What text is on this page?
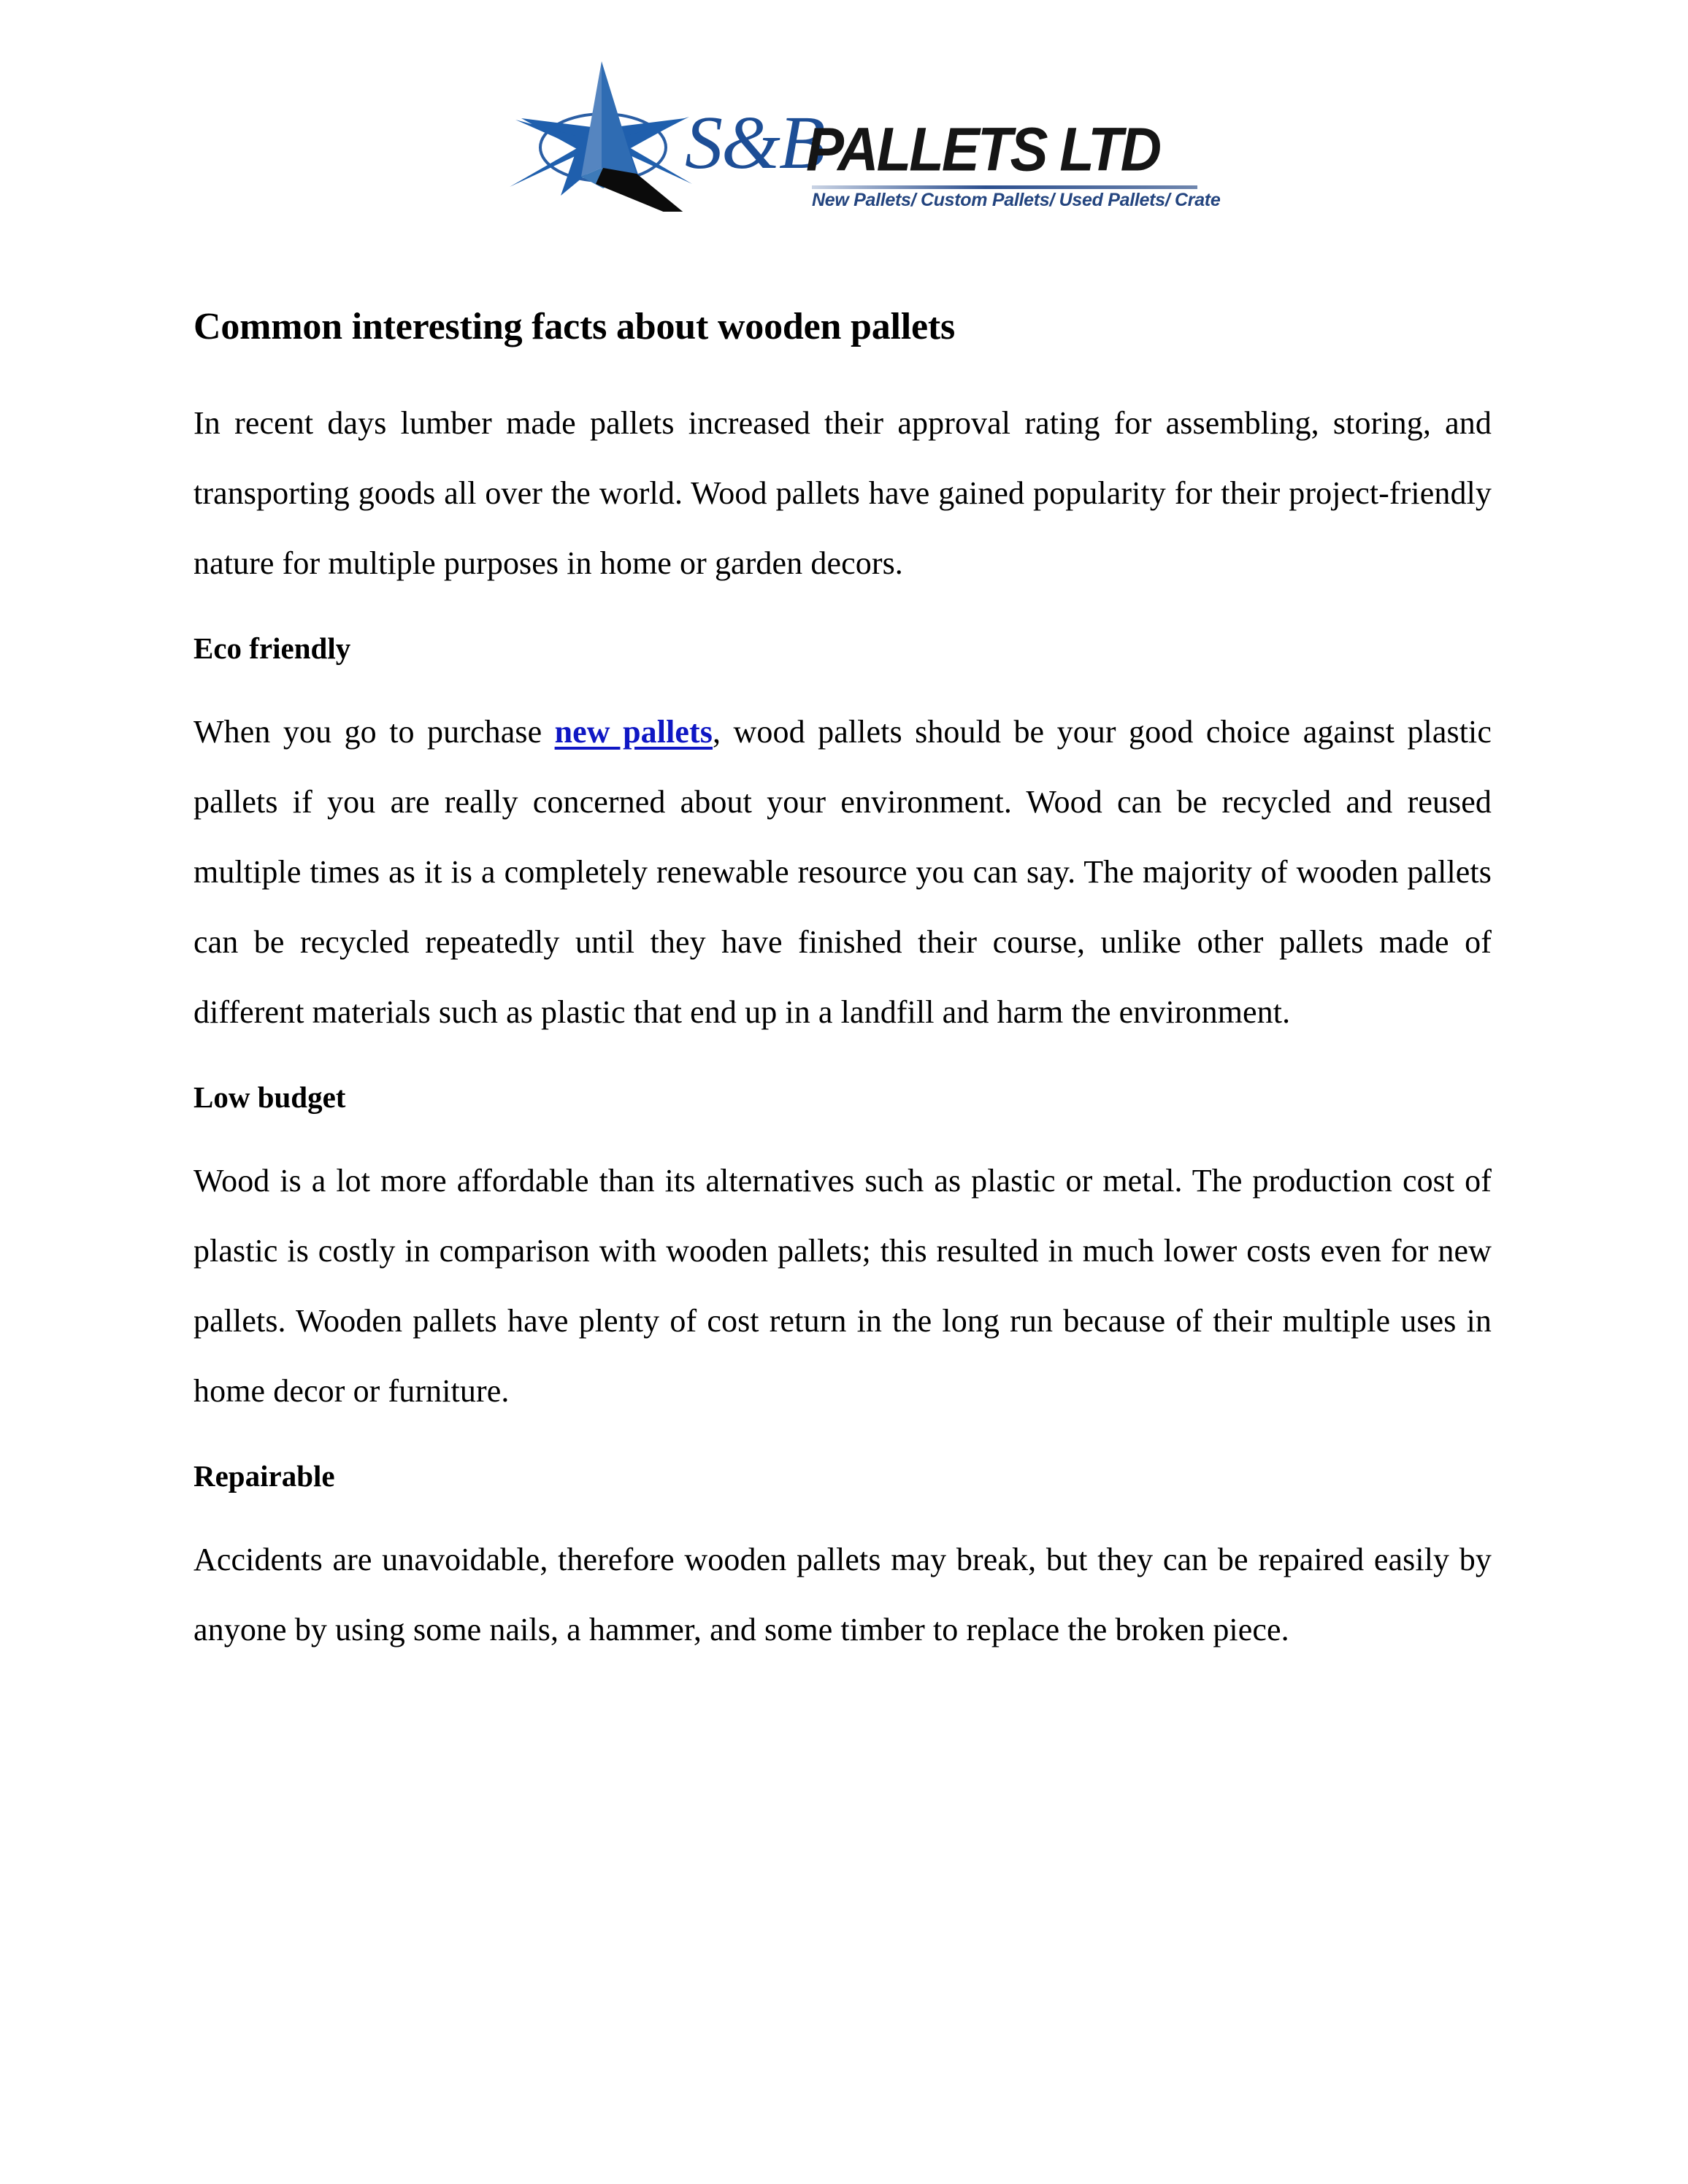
S&B
PALLETS LTD
New Pallets/ Custom Pallets/ Used Pallets/ Crate
Common interesting facts about wooden pallets

In recent days lumber made pallets increased their approval rating for assembling, storing, and transporting goods all over the world. Wood pallets have gained popularity for their project-friendly nature for multiple purposes in home or garden decors.

Eco friendly

When you go to purchase new pallets, wood pallets should be your good choice against plastic pallets if you are really concerned about your environment. Wood can be recycled and reused multiple times as it is a completely renewable resource you can say. The majority of wooden pallets can be recycled repeatedly until they have finished their course, unlike other pallets made of different materials such as plastic that end up in a landfill and harm the environment.

Low budget

Wood is a lot more affordable than its alternatives such as plastic or metal. The production cost of plastic is costly in comparison with wooden pallets; this resulted in much lower costs even for new pallets. Wooden pallets have plenty of cost return in the long run because of their multiple uses in home decor or furniture.

Repairable

Accidents are unavoidable, therefore wooden pallets may break, but they can be repaired easily by anyone by using some nails, a hammer, and some timber to replace the broken piece.
